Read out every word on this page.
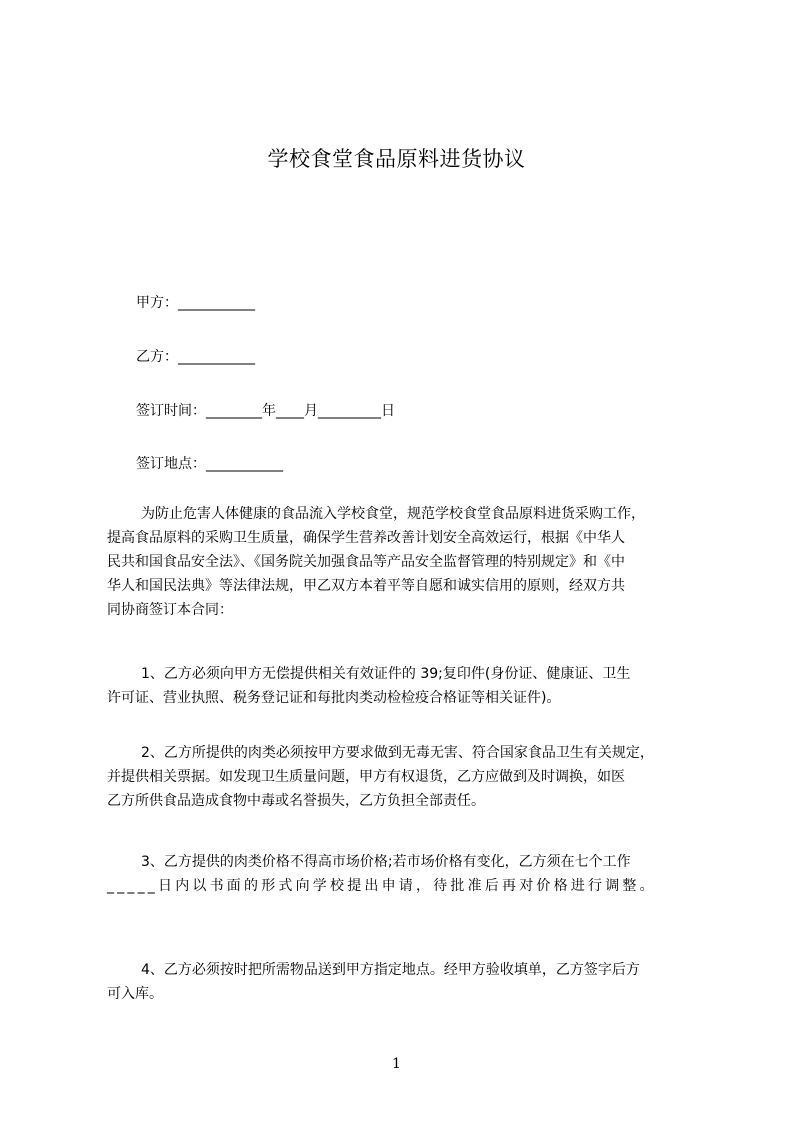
学校食堂食品原料进货协议
甲方：___________
乙方：___________
签订时间：________年____月_________日
签订地点：___________
为防止危害人体健康的食品流入学校食堂，规范学校食堂食品原料进货采购工作，
提高食品原料的采购卫生质量，确保学生营养改善计划安全高效运行，根据《中华人
民共和国食品安全法》、《国务院关加强食品等产品安全监督管理的特别规定》和《中
华人和国民法典》等法律法规，甲乙双方本着平等自愿和诚实信用的原则，经双方共
同协商签订本合同：
1、乙方必须向甲方无偿提供相关有效证件的 39;复印件(身份证、健康证、卫生
许可证、营业执照、税务登记证和每批肉类动检检疫合格证等相关证件)。
2、乙方所提供的肉类必须按甲方要求做到无毒无害、符合国家食品卫生有关规定，
并提供相关票据。如发现卫生质量问题，甲方有权退货，乙方应做到及时调换，如医
乙方所供食品造成食物中毒或名誉损失，乙方负担全部责任。
3、乙方提供的肉类价格不得高市场价格;若市场价格有变化，乙方须在七个工作
_____日内以书面的形式向学校提出申请，待批准后再对价格进行调整。
4、乙方必须按时把所需物品送到甲方指定地点。经甲方验收填单，乙方签字后方
可入库。
1
